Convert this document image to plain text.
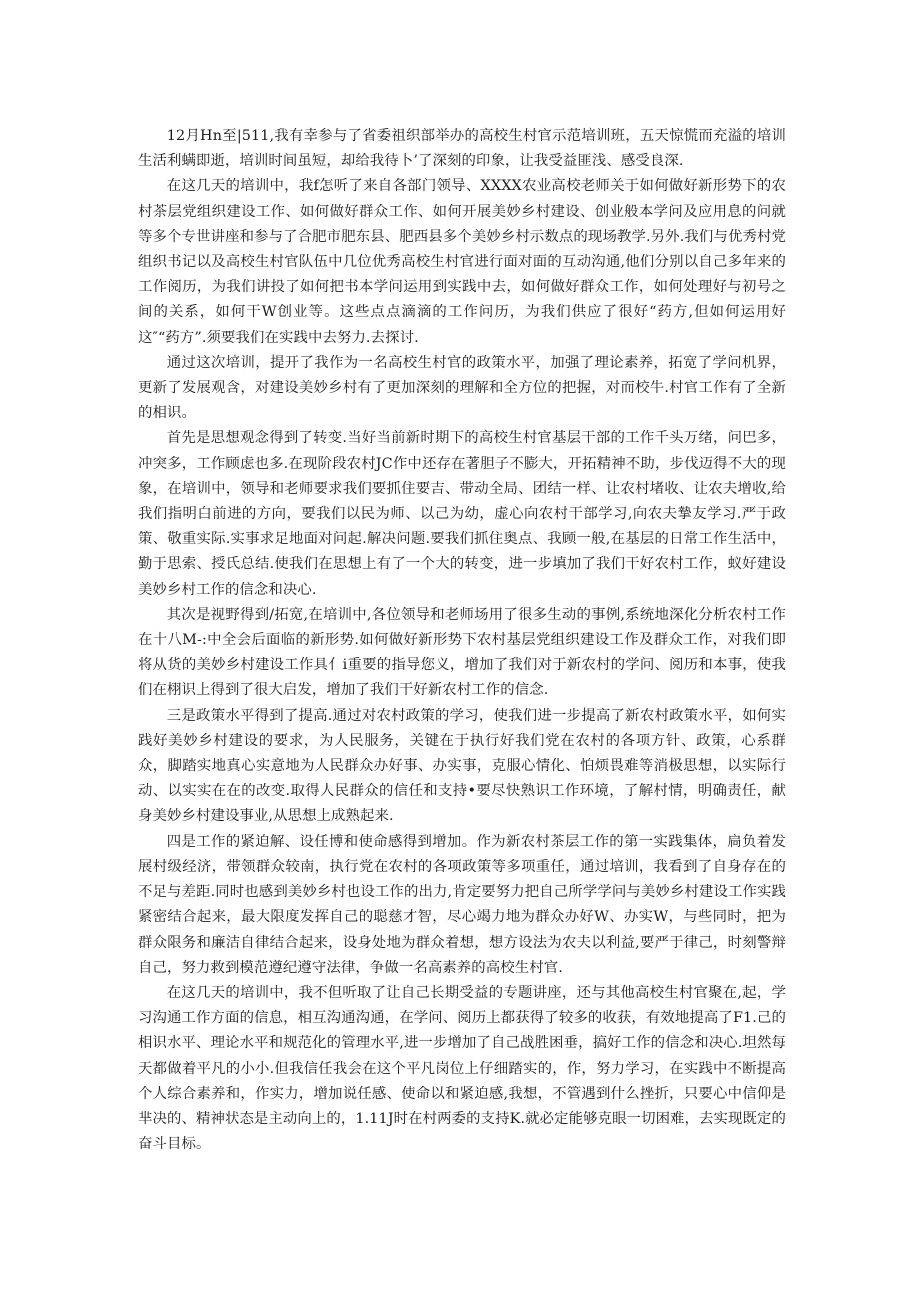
12月Hn至|511,我有幸参与了省委祖织部举办的高校生村官示范培训班，五天惊慌而充溢的培训生活利螨即逝，培训时间虽短，却给我待卜’了深刻的印象，让我受益匪浅、感受良深.

在这几天的培训中，我f怎听了来自各部门领导、XXXX农业高校老师关于如何做好新形势下的农村茶层党组织建设工作、如何做好群众工作、如何开展美妙乡村建设、创业般本学问及应用息的问就等多个专世讲座和参与了合肥市肥东县、肥西县多个美妙乡村示数点的现场教学.另外.我们与优秀村党组织书记以及高校生村官队伍中几位优秀高校生村官进行面对面的互动沟通,他们分别以自己多年来的工作阅历，为我们讲投了如何把书本学问运用到实践中去，如何做好群众工作，如何处理好与初号之间的关系，如何干W创业等。这些点点滴滴的工作问历，为我们供应了很好“药方,但如何运用好这″“药方”.须要我们在实践中去努力.去探讨.

通过这次培训，提开了我作为一名高校生村官的政策水平，加强了理论素养，拓宽了学问机界，更新了发展观含，对建设美妙乡村有了更加深刻的理解和全方位的把握，对而校牛.村官工作有了全新的相识。

首先是思想观念得到了转变.当好当前新时期下的高校生村官基层干部的工作千头万绪，问巴多，冲突多，工作顾虑也多.在现阶段农村JC作中还存在著胆子不膨大，开拓精神不助，步伐迈得不大的现象，在培训中，领导和老师要求我们要抓住要吉、带动全局、团结一样、让农村堵收、让农夫增收,给我们指明白前进的方向，要我们以民为师、以己为幼，虚心向农村干部学习,向农夫摯友学习.严于政策、敬重实际.实事求足地面对问起.解决问题.要我们抓住奥点、我顾一般,在基层的日常工作生活中，勤于思索、授氏总结.使我们在思想上有了一个大的转变，进一步填加了我们干好农村工作，蚁好建设美妙乡村工作的信念和决心.

其次是视野得到/拓宽,在培训中,各位领导和老师场用了很多生动的事例,系统地深化分析农村工作在十八M-:中全会后面临的新形势.如何做好新形势下农村基层党组织建设工作及群众工作，对我们即将从货的美妙乡村建设工作具亻i重要的指导您义，增加了我们对于新农村的学问、阅历和本事，使我们在栩识上得到了很大启发，增加了我们干好新农村工作的信念.

三是政策水平得到了提高.通过对农村政策的学习，使我们进一步提高了新农村政策水平，如何实践好美妙乡村建设的要求，为人民服务，关键在于执行好我们党在农村的各项方针、政策，心系群众，脚踏实地真心实意地为人民群众办好事、办实事，克服心情化、怕烦畏难等消极思想，以实际行动、以实实在在的改变.取得人民群众的信任和支持•要尽快熟识工作环境，了解村情，明确责任，献身美妙乡村建设事业,从思想上成熟起来.

四是工作的紧迫解、设任博和使命感得到增加。作为新农村茶层工作的第一实践集体，扃负着发展村级经济，带领群众较南，执行党在农村的各项政策等多项重任，通过培训，我看到了自身存在的不足与差距.同时也感到美妙乡村也设工作的出力,肯定要努力把自己所学学问与美妙乡村建设工作实践紧密结合起来，最大限度发挥自己的聪慈才智，尽心竭力地为群众办好W、办实W，与些同时，把为群众限务和廉洁自律结合起来，设身处地为群众着想，想方设法为农夫以利益,要严于律己，时刻警辩自己，努力救到模范遵纪遵守法律，争做一名高素养的高校生村官.

在这几天的培训中，我不但听取了让自己长期受益的专题讲座，还与其他高校生村官聚在,起，学习沟通工作方面的信息，相互沟通沟通，在学问、阅历上都获得了较多的收获，有效地提高了F1.己的相识水平、理论水平和规范化的管理水平,进一步增加了自己战胜困垂，搞好工作的信念和决心.坦然每天都做着平凡的小小.但我信任我会在这个平凡岗位上仔细踏实的，作，努力学习，在实践中不断提高个人综合素养和，作实力，增加说任感、使命以和紧迫感,我想，不管遇到什么挫折，只要心中信仰是芈决的、精神状态是主动向上的，1.11J时在村两委的支持K.就必定能够克眼一切困难，去实现既定的奋斗目标。
